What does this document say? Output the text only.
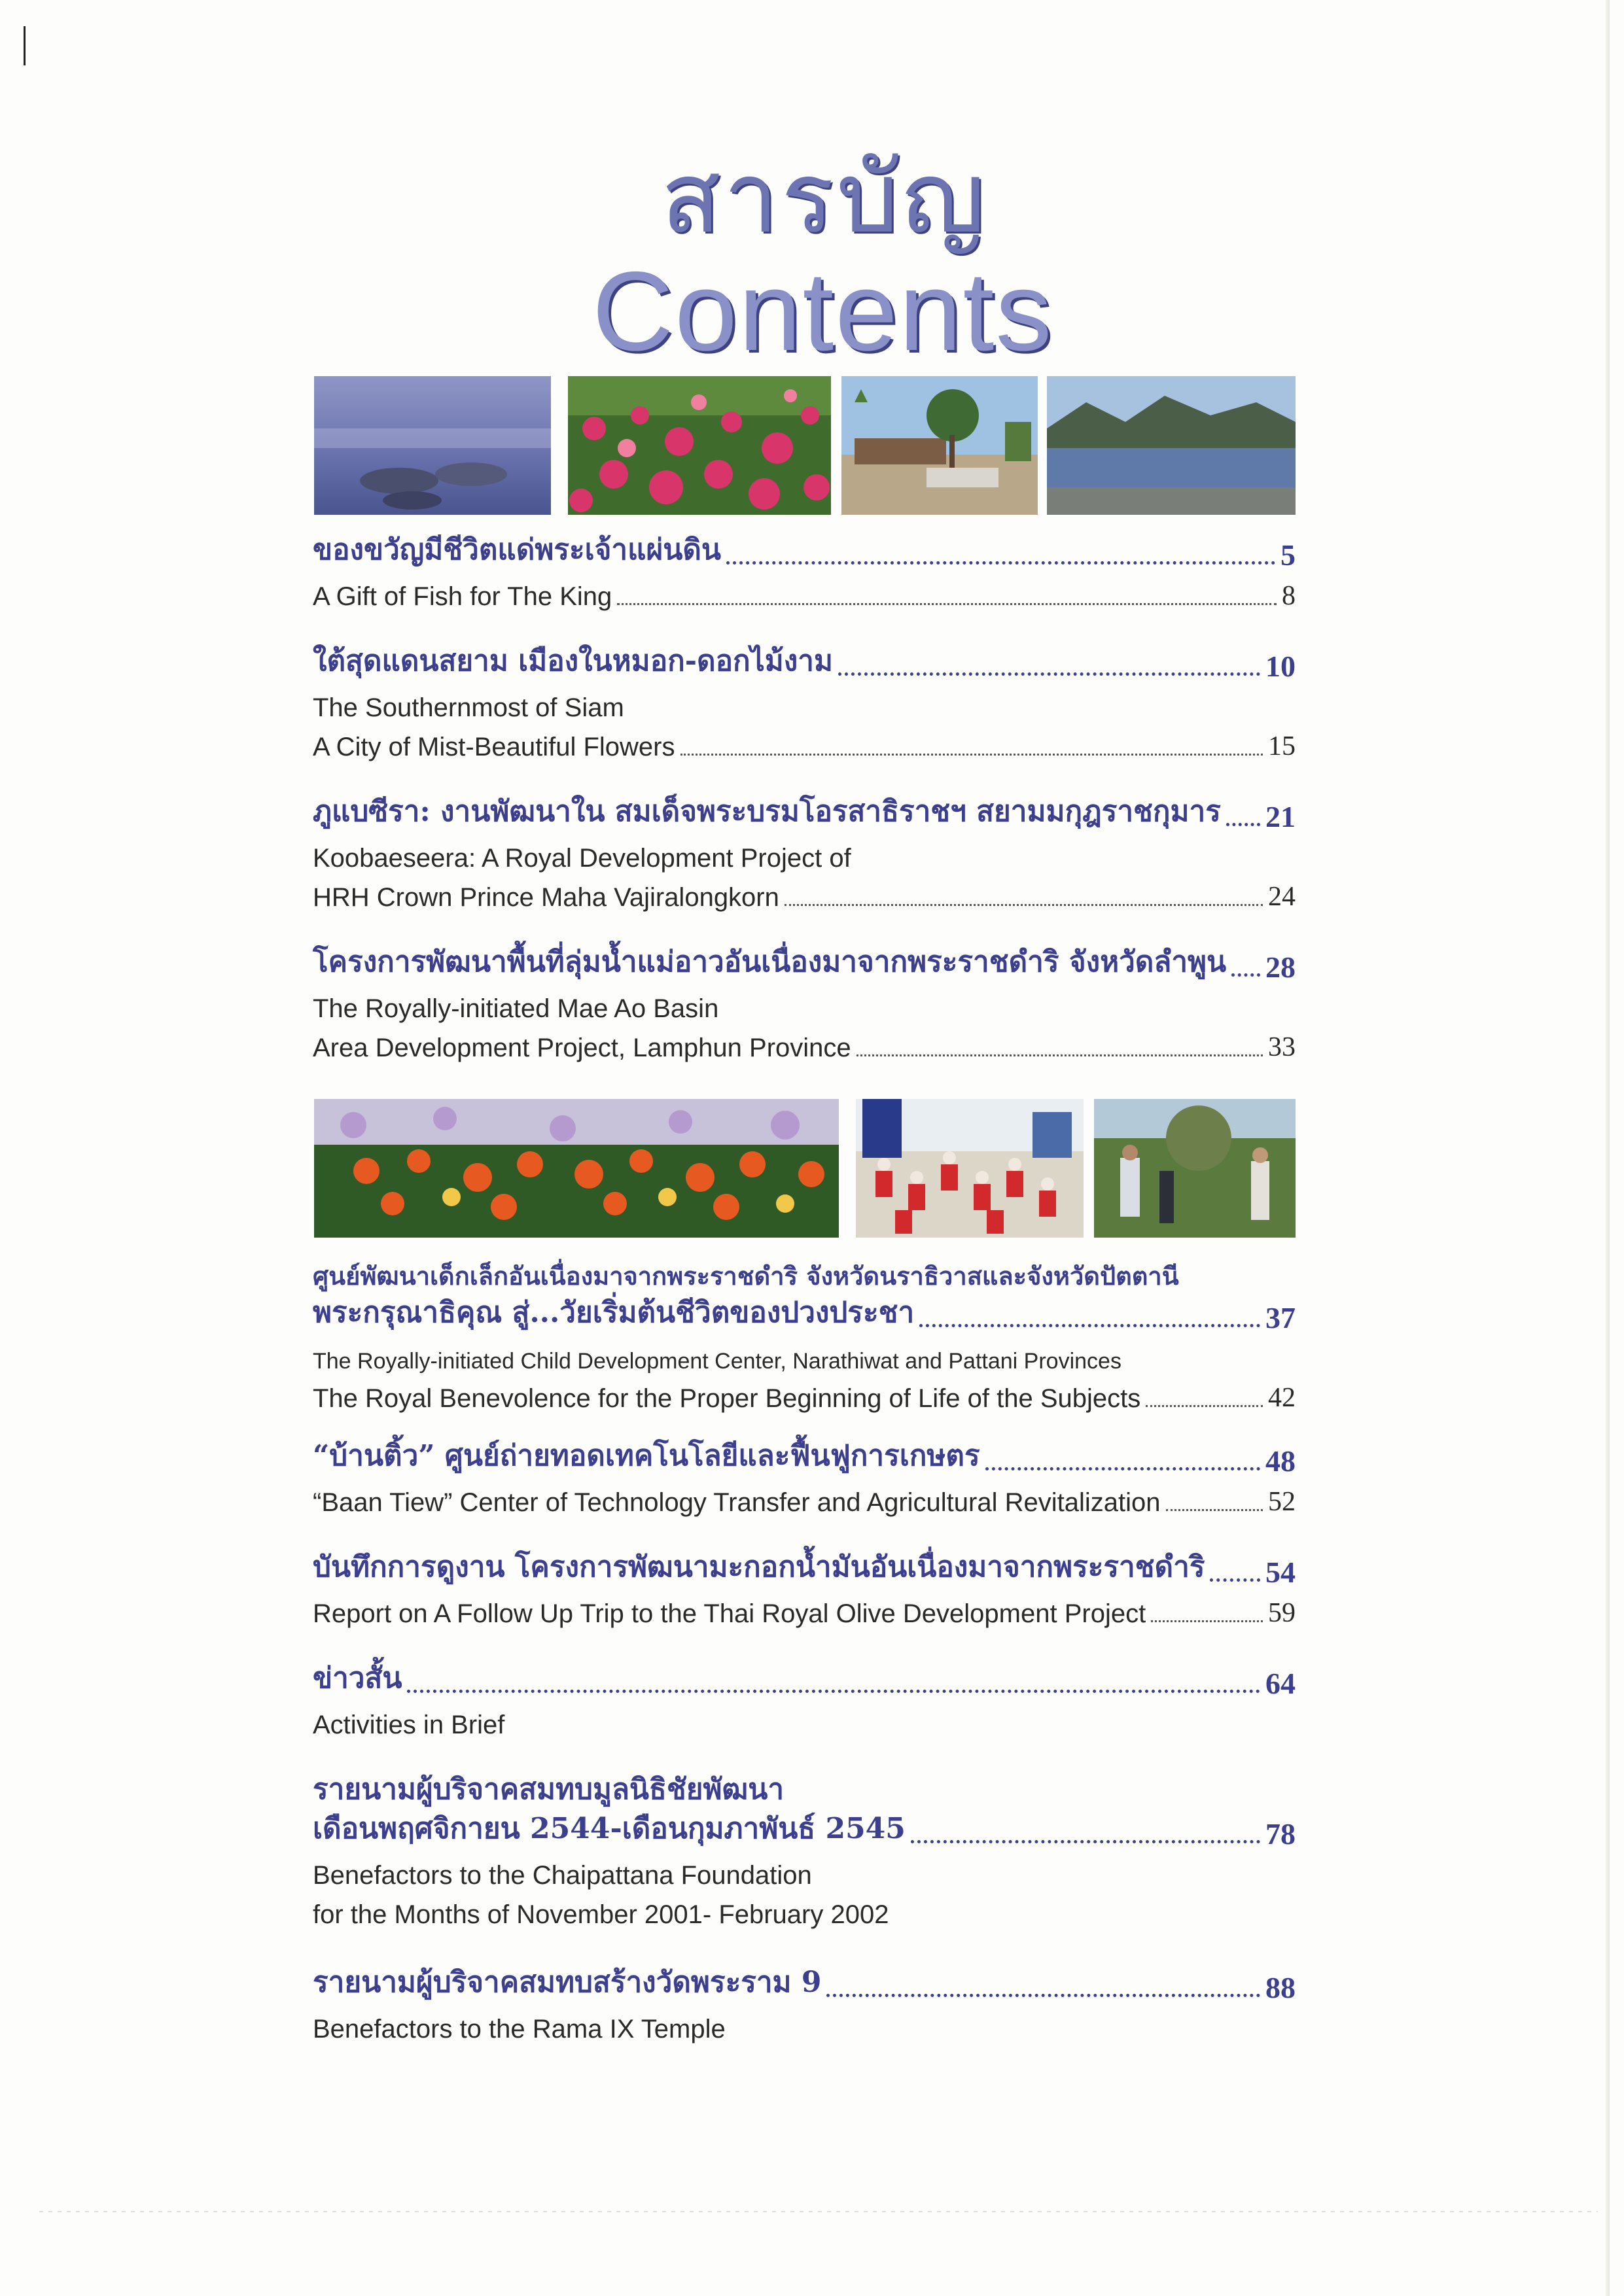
สารบัญ
Contents
ของขวัญมีชีวิตแด่พระเจ้าแผ่นดิน	5
A Gift of Fish for The King	8
ใต้สุดแดนสยาม เมืองในหมอก-ดอกไม้งาม	10
The Southernmost of Siam
A City of Mist-Beautiful Flowers	15
ภูแบซีรา: งานพัฒนาใน สมเด็จพระบรมโอรสาธิราชฯ สยามมกุฎราชกุมาร 21
Koobaeseera: A Royal Development Project of
HRH Crown Prince Maha Vajiralongkorn	24
โครงการพัฒนาพื้นที่ลุ่มน้ำแม่อาวอันเนื่องมาจากพระราชดำริ จังหวัดลำพูน 28
The Royally-initiated Mae Ao Basin
Area Development Project, Lamphun Province	33
ศูนย์พัฒนาเด็กเล็กอันเนื่องมาจากพระราชดำริ จังหวัดนราธิวาสและจังหวัดปัตตานี
พระกรุณาธิคุณ สู่...วัยเริ่มต้นชีวิตของปวงประชา	37
The Royally-initiated Child Development Center, Narathiwat and Pattani Provinces
The Royal Benevolence for the Proper Beginning of Life of the Subjects	42
“บ้านติ้ว” ศูนย์ถ่ายทอดเทคโนโลยีและฟื้นฟูการเกษตร	48
“Baan Tiew” Center of Technology Transfer and Agricultural Revitalization	52
บันทึกการดูงาน โครงการพัฒนามะกอกน้ำมันอันเนื่องมาจากพระราชดำริ 54
Report on A Follow Up Trip to the Thai Royal Olive Development Project	59
ข่าวสั้น	64
Activities in Brief
รายนามผู้บริจาคสมทบมูลนิธิชัยพัฒนา
เดือนพฤศจิกายน 2544-เดือนกุมภาพันธ์ 2545	78
Benefactors to the Chaipattana Foundation
for the Months of November 2001- February 2002
รายนามผู้บริจาคสมทบสร้างวัดพระราม 9	88
Benefactors to the Rama IX Temple
